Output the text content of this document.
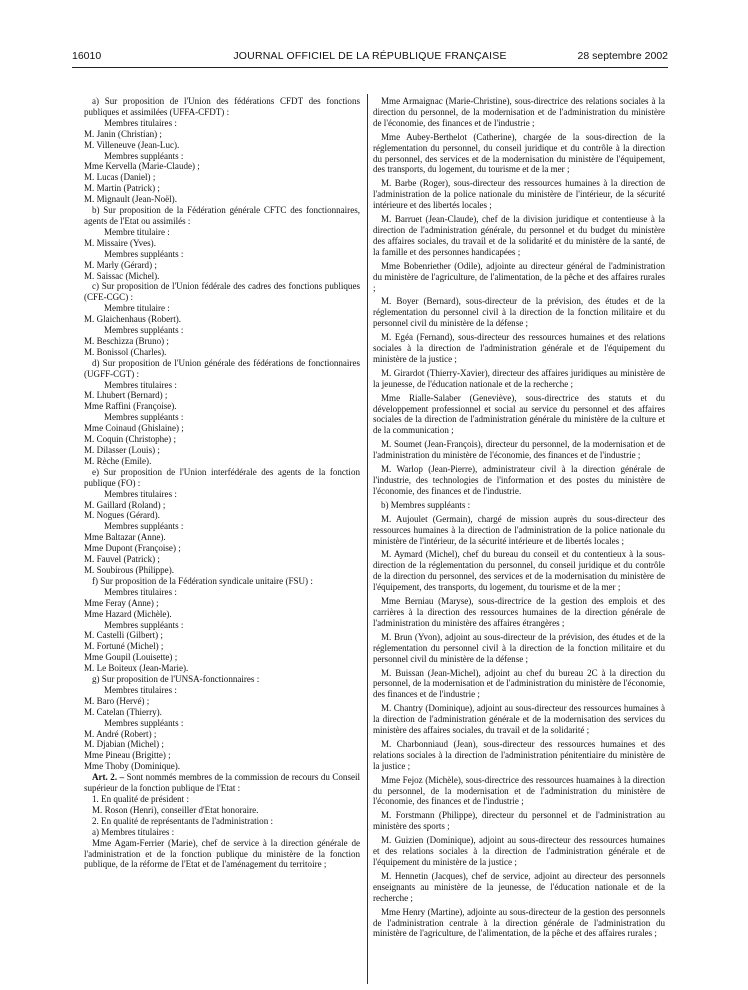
16010	JOURNAL OFFICIEL DE LA RÉPUBLIQUE FRANÇAISE	28 septembre 2002

a) Sur proposition de l'Union des fédérations CFDT des fonctions publiques et assimilées (UFFA-CFDT) :

Membres titulaires :

M. Janin (Christian) ;

M. Villeneuve (Jean-Luc).

Membres suppléants :

Mme Kervella (Marie-Claude) ;

M. Lucas (Daniel) ;

M. Martin (Patrick) ;

M. Mignault (Jean-Noël).

b) Sur proposition de la Fédération générale CFTC des fonctionnaires, agents de l'Etat ou assimilés :

Membre titulaire :

M. Missaire (Yves).

Membres suppléants :

M. Marly (Gérard) ;

M. Saissac (Michel).

c) Sur proposition de l'Union fédérale des cadres des fonctions publiques (CFE-CGC) :

Membre titulaire :

M. Glaichenhaus (Robert).

Membres suppléants :

M. Beschizza (Bruno) ;

M. Bonissol (Charles).

d) Sur proposition de l'Union générale des fédérations de fonctionnaires (UGFF-CGT) :

Membres titulaires :

M. Lhubert (Bernard) ;

Mme Raffini (Françoise).

Membres suppléants :

Mme Coinaud (Ghislaine) ;

M. Coquin (Christophe) ;

M. Dilasser (Louis) ;

M. Rèche (Emile).

e) Sur proposition de l'Union interfédérale des agents de la fonction publique (FO) :

Membres titulaires :

M. Gaillard (Roland) ;

M. Nogues (Gérard).

Membres suppléants :

Mme Baltazar (Anne).

Mme Dupont (Françoise) ;

M. Fauvel (Patrick) ;

M. Soubirous (Philippe).

f) Sur proposition de la Fédération syndicale unitaire (FSU) :

Membres titulaires :

Mme Feray (Anne) ;

Mme Hazard (Michèle).

Membres suppléants :

M. Castelli (Gilbert) ;

M. Fortuné (Michel) ;

Mme Goupil (Louisette) ;

M. Le Boiteux (Jean-Marie).

g) Sur proposition de l'UNSA-fonctionnaires :

Membres titulaires :

M. Baro (Hervé) ;

M. Catelan (Thierry).

Membres suppléants :

M. André (Robert) ;

M. Djabian (Michel) ;

Mme Pineau (Brigitte) ;

Mme Thoby (Dominique).

Art. 2. – Sont nommés membres de la commission de recours du Conseil supérieur de la fonction publique de l'Etat :

1. En qualité de président :

M. Roson (Henri), conseiller d'Etat honoraire.

2. En qualité de représentants de l'administration :

a) Membres titulaires :

Mme Agam-Ferrier (Marie), chef de service à la direction générale de l'administration et de la fonction publique du ministère de la fonction publique, de la réforme de l'Etat et de l'aménagement du territoire ;

Mme Armaignac (Marie-Christine), sous-directrice des relations sociales à la direction du personnel, de la modernisation et de l'administration du ministère de l'économie, des finances et de l'industrie ;

Mme Aubey-Berthelot (Catherine), chargée de la sous-direction de la réglementation du personnel, du conseil juridique et du contrôle à la direction du personnel, des services et de la modernisation du ministère de l'équipement, des transports, du logement, du tourisme et de la mer ;

M. Barbe (Roger), sous-directeur des ressources humaines à la direction de l'administration de la police nationale du ministère de l'intérieur, de la sécurité intérieure et des libertés locales ;

M. Barruet (Jean-Claude), chef de la division juridique et contentieuse à la direction de l'administration générale, du personnel et du budget du ministère des affaires sociales, du travail et de la solidarité et du ministère de la santé, de la famille et des personnes handicapées ;

Mme Bobenriether (Odile), adjointe au directeur général de l'administration du ministère de l'agriculture, de l'alimentation, de la pêche et des affaires rurales ;

M. Boyer (Bernard), sous-directeur de la prévision, des études et de la réglementation du personnel civil à la direction de la fonction militaire et du personnel civil du ministère de la défense ;

M. Egéa (Fernand), sous-directeur des ressources humaines et des relations sociales à la direction de l'administration générale et de l'équipement du ministère de la justice ;

M. Girardot (Thierry-Xavier), directeur des affaires juridiques au ministère de la jeunesse, de l'éducation nationale et de la recherche ;

Mme Rialle-Salaber (Geneviève), sous-directrice des statuts et du développement professionnel et social au service du personnel et des affaires sociales de la direction de l'administration générale du ministère de la culture et de la communication ;

M. Soumet (Jean-François), directeur du personnel, de la modernisation et de l'administration du ministère de l'économie, des finances et de l'industrie ;

M. Warlop (Jean-Pierre), administrateur civil à la direction générale de l'industrie, des technologies de l'information et des postes du ministère de l'économie, des finances et de l'industrie.

b) Membres suppléants :

M. Aujoulet (Germain), chargé de mission auprès du sous-directeur des ressources humaines à la direction de l'administration de la police nationale du ministère de l'intérieur, de la sécurité intérieure et de libertés locales ;

M. Aymard (Michel), chef du bureau du conseil et du contentieux à la sous-direction de la réglementation du personnel, du conseil juridique et du contrôle de la direction du personnel, des services et de la modernisation du ministère de l'équipement, des transports, du logement, du tourisme et de la mer ;

Mme Berniau (Maryse), sous-directrice de la gestion des emplois et des carrières à la direction des ressources humaines de la direction générale de l'administration du ministère des affaires étrangères ;

M. Brun (Yvon), adjoint au sous-directeur de la prévision, des études et de la réglementation du personnel civil à la direction de la fonction militaire et du personnel civil du ministère de la défense ;

M. Buissan (Jean-Michel), adjoint au chef du bureau 2C à la direction du personnel, de la modernisation et de l'administration du ministère de l'économie, des finances et de l'industrie ;

M. Chantry (Dominique), adjoint au sous-directeur des ressources humaines à la direction de l'administration générale et de la modernisation des services du ministère des affaires sociales, du travail et de la solidarité ;

M. Charbonniaud (Jean), sous-directeur des ressources humaines et des relations sociales à la direction de l'administration pénitentiaire du ministère de la justice ;

Mme Fejoz (Michèle), sous-directrice des ressources huamaines à la direction du personnel, de la modernisation et de l'administration du ministère de l'économie, des finances et de l'industrie ;

M. Forstmann (Philippe), directeur du personnel et de l'administration au ministère des sports ;

M. Guizien (Dominique), adjoint au sous-directeur des ressources humaines et des relations sociales à la direction de l'administration générale et de l'équipement du ministère de la justice ;

M. Hennetin (Jacques), chef de service, adjoint au directeur des personnels enseignants au ministère de la jeunesse, de l'éducation nationale et de la recherche ;

Mme Henry (Martine), adjointe au sous-directeur de la gestion des personnels de l'administration centrale à la direction générale de l'administration du ministère de l'agriculture, de l'alimentation, de la pêche et des affaires rurales ;
